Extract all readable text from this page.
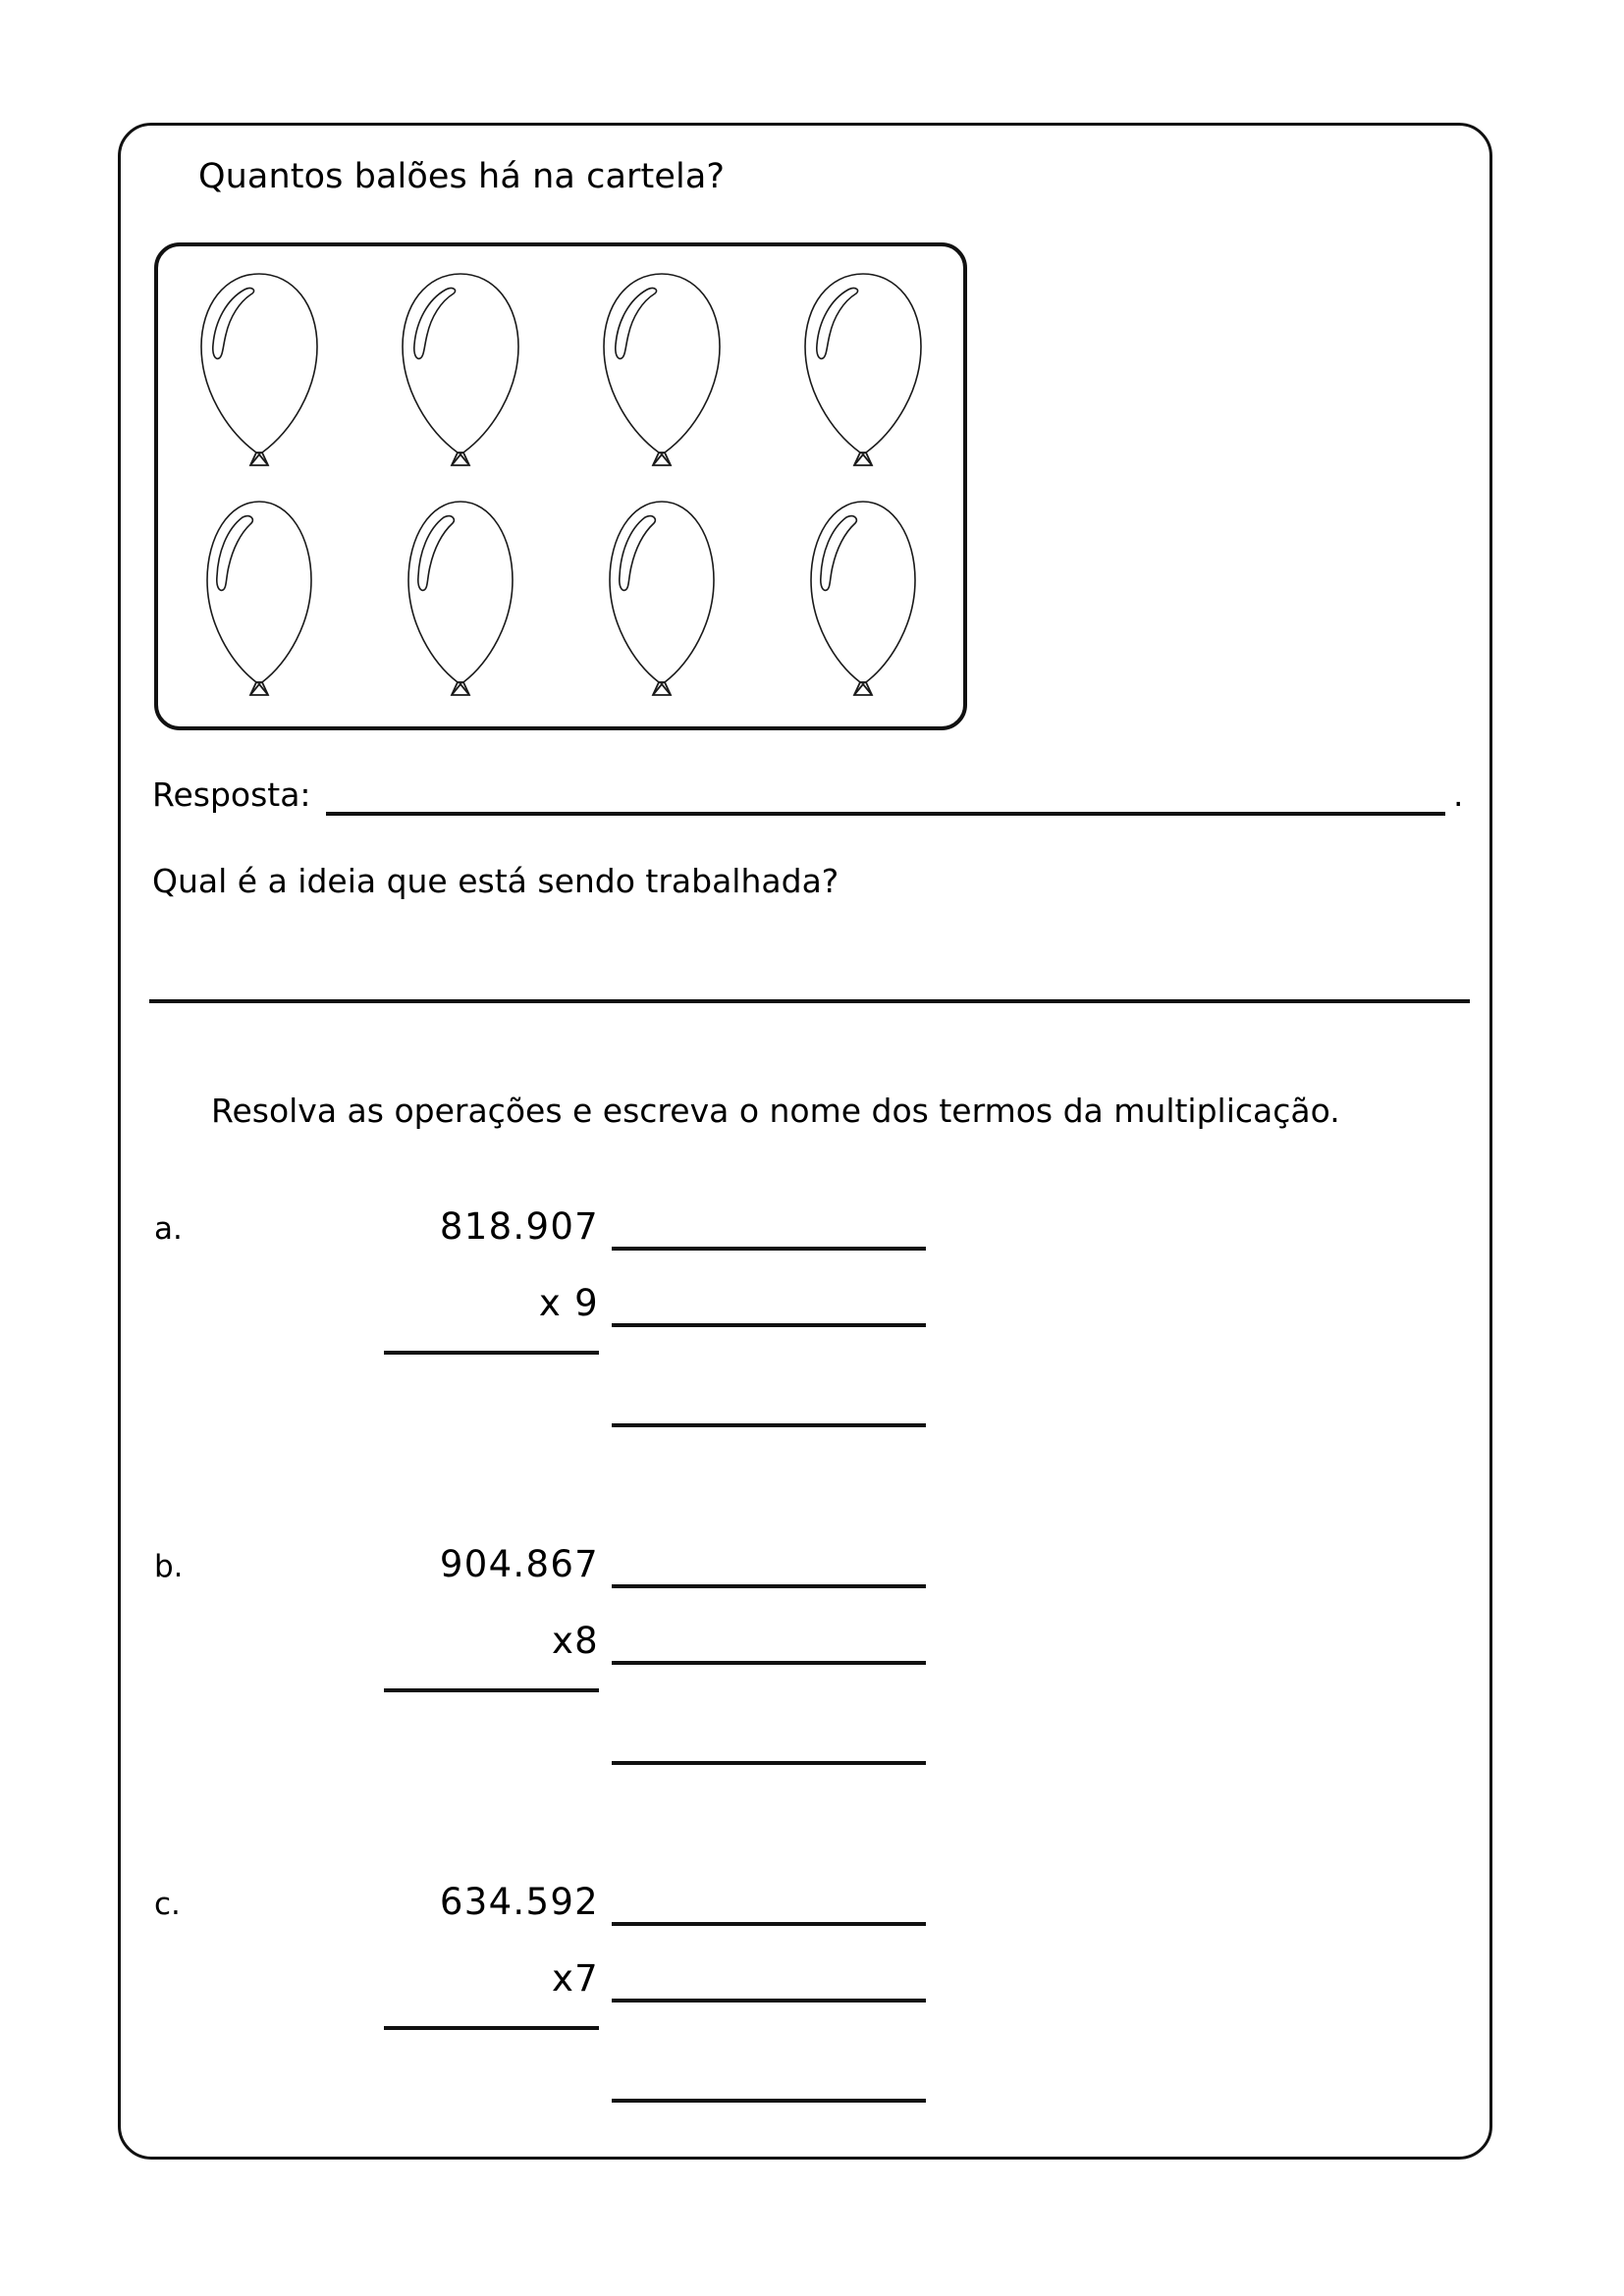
Quantos balões há na cartela?
Resposta:	.
Qual é a ideia que está sendo trabalhada?
Resolva as operações e escreva o nome dos termos da multiplicação.
a.	818.907
x 9
b.	904.867
x8
c.	634.592
x7
